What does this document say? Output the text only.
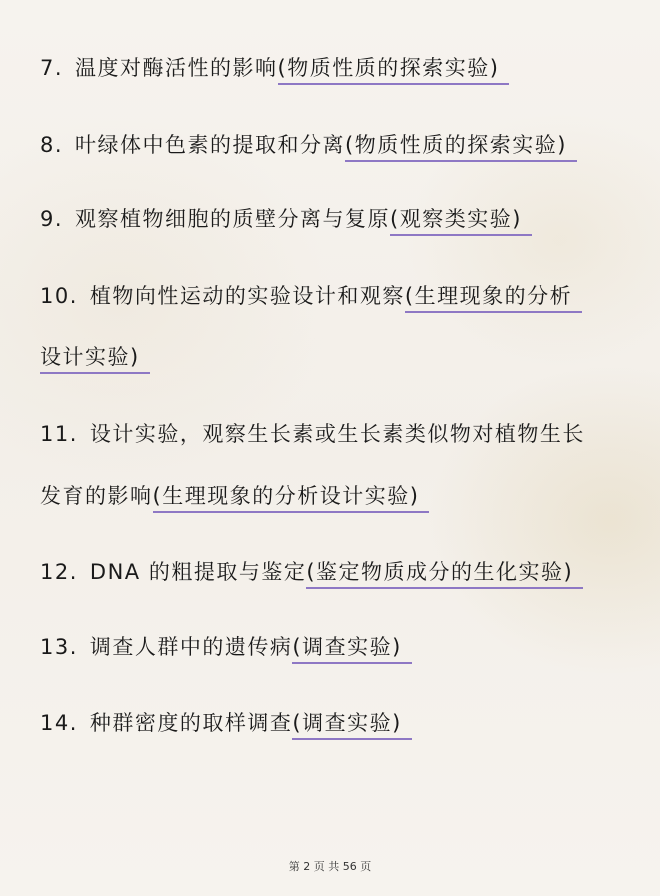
7. 温度对酶活性的影响(物质性质的探索实验)
8. 叶绿体中色素的提取和分离(物质性质的探索实验)
9. 观察植物细胞的质壁分离与复原(观察类实验)
10. 植物向性运动的实验设计和观察(生理现象的分析
设计实验)
11. 设计实验，观察生长素或生长素类似物对植物生长
发育的影响(生理现象的分析设计实验)
12. DNA 的粗提取与鉴定(鉴定物质成分的生化实验)
13. 调查人群中的遗传病(调查实验)
14. 种群密度的取样调查(调查实验)
第 2 页 共 56 页
